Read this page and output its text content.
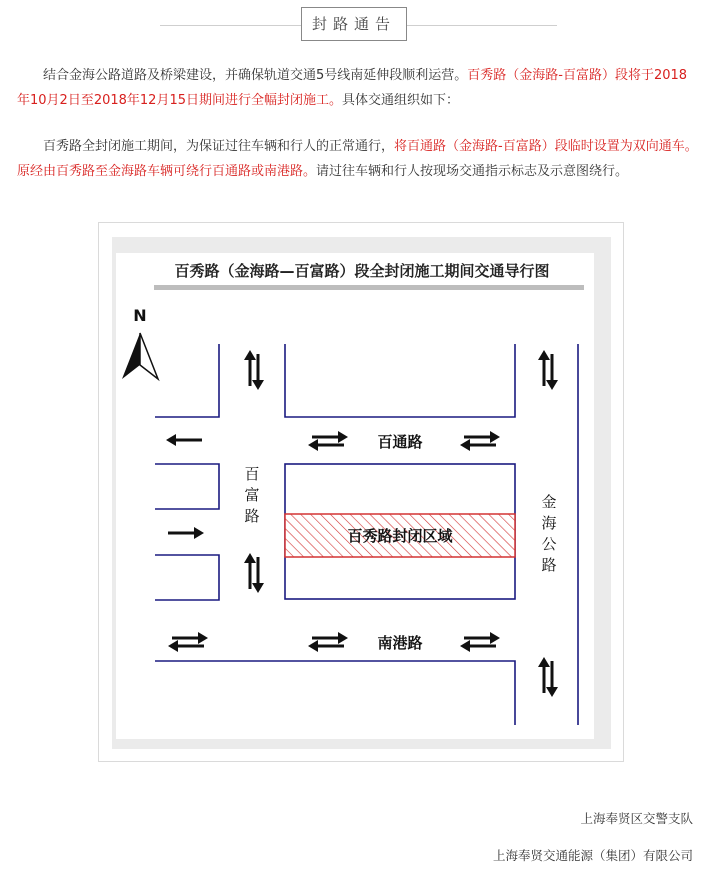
封路通告

结合金海公路道路及桥梁建设，并确保轨道交通5号线南延伸段顺利运营。百秀路（金海路-百富路）段将于2018年10月2日至2018年12月15日期间进行全幅封闭施工。具体交通组织如下：

百秀路全封闭施工期间，为保证过往车辆和行人的正常通行，将百通路（金海路-百富路）段临时设置为双向通车。原经由百秀路至金海路车辆可绕行百通路或南港路。请过往车辆和行人按现场交通指示标志及示意图绕行。

百秀路（金海路—百富路）段全封闭施工期间交通导行图
N
百秀路封闭区域
百通路
南港路
百
富
路
金
海
公
路
上海奉贤区交警支队
上海奉贤交通能源（集团）有限公司
